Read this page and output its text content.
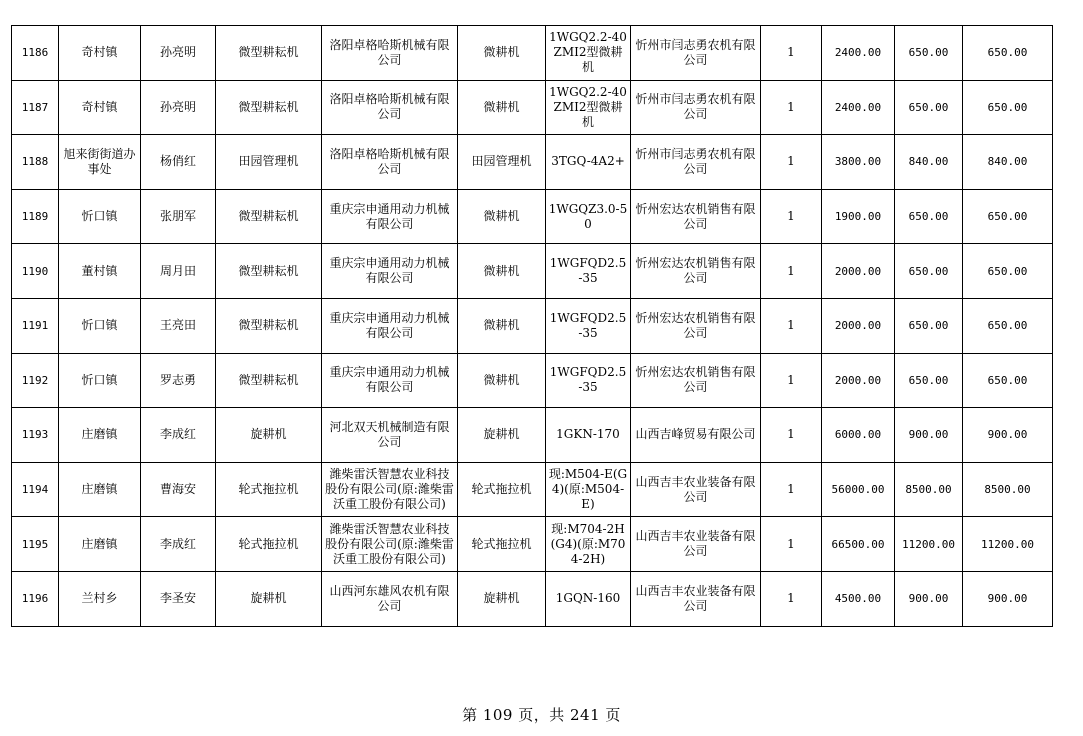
1186	奇村镇	孙亮明	微型耕耘机	洛阳卓格哈斯机械有限公司	微耕机	1WGQ2.2-40ZMI2型微耕机	忻州市闫志勇农机有限公司	1	2400.00	650.00	650.00
1187	奇村镇	孙亮明	微型耕耘机	洛阳卓格哈斯机械有限公司	微耕机	1WGQ2.2-40ZMI2型微耕机	忻州市闫志勇农机有限公司	1	2400.00	650.00	650.00
1188	旭来街街道办事处	杨俏红	田园管理机	洛阳卓格哈斯机械有限公司	田园管理机	3TGQ-4A2+	忻州市闫志勇农机有限公司	1	3800.00	840.00	840.00
1189	忻口镇	张朋军	微型耕耘机	重庆宗申通用动力机械有限公司	微耕机	1WGQZ3.0-50	忻州宏达农机销售有限公司	1	1900.00	650.00	650.00
1190	董村镇	周月田	微型耕耘机	重庆宗申通用动力机械有限公司	微耕机	1WGFQD2.5-35	忻州宏达农机销售有限公司	1	2000.00	650.00	650.00
1191	忻口镇	王亮田	微型耕耘机	重庆宗申通用动力机械有限公司	微耕机	1WGFQD2.5-35	忻州宏达农机销售有限公司	1	2000.00	650.00	650.00
1192	忻口镇	罗志勇	微型耕耘机	重庆宗申通用动力机械有限公司	微耕机	1WGFQD2.5-35	忻州宏达农机销售有限公司	1	2000.00	650.00	650.00
1193	庄磨镇	李成红	旋耕机	河北双天机械制造有限公司	旋耕机	1GKN-170	山西吉峰贸易有限公司	1	6000.00	900.00	900.00
1194	庄磨镇	曹海安	轮式拖拉机	潍柴雷沃智慧农业科技股份有限公司(原:潍柴雷沃重工股份有限公司)	轮式拖拉机	现:M504-E(G4)(原:M504-E)	山西吉丰农业装备有限公司	1	56000.00	8500.00	8500.00
1195	庄磨镇	李成红	轮式拖拉机	潍柴雷沃智慧农业科技股份有限公司(原:潍柴雷沃重工股份有限公司)	轮式拖拉机	现:M704-2H(G4)(原:M704-2H)	山西吉丰农业装备有限公司	1	66500.00	11200.00	11200.00
1196	兰村乡	李圣安	旋耕机	山西河东雄风农机有限公司	旋耕机	1GQN-160	山西吉丰农业装备有限公司	1	4500.00	900.00	900.00
第 109 页，共 241 页
